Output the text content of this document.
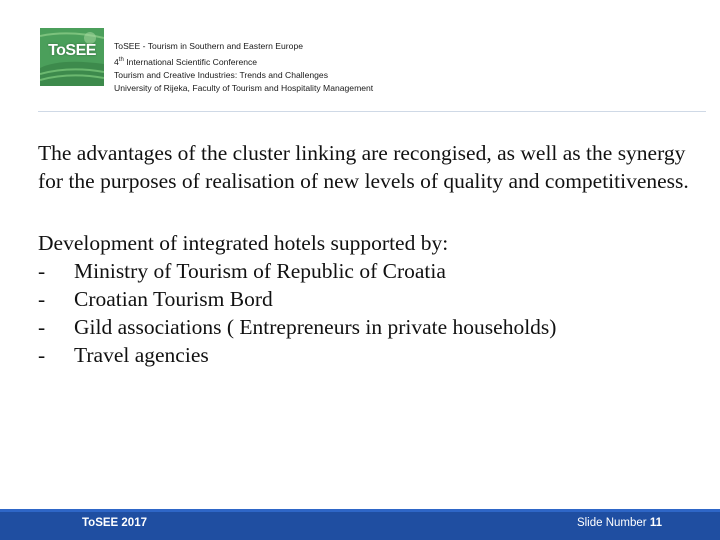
ToSEE	ToSEE - Tourism in Southern and Eastern Europe
4th International Scientific Conference
Tourism and Creative Industries: Trends and Challenges
University of Rijeka, Faculty of Tourism and Hospitality Management

The advantages of the cluster linking are recongised, as well as the synergy for the purposes of realisation of new levels of quality and competitiveness.

Development of integrated hotels supported by:

-	Ministry of Tourism of Republic of Croatia
-	Croatian Tourism Bord
-	Gild associations ( Entrepreneurs in private households)
-	Travel agencies
ToSEE 2017	Slide Number 11
